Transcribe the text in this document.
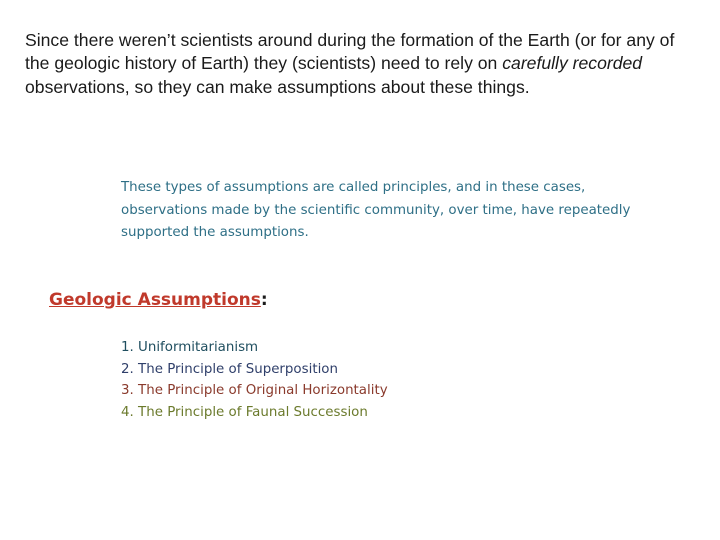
Since there weren’t scientists around during the formation of the Earth (or for any of the geologic history of Earth) they (scientists) need to rely on carefully recorded observations, so they can make assumptions about these things.

These types of assumptions are called principles, and in these cases, observations made by the scientific community, over time, have repeatedly supported the assumptions.

Geologic Assumptions:
1. Uniformitarianism
2. The Principle of Superposition
3. The Principle of Original Horizontality
4. The Principle of Faunal Succession
